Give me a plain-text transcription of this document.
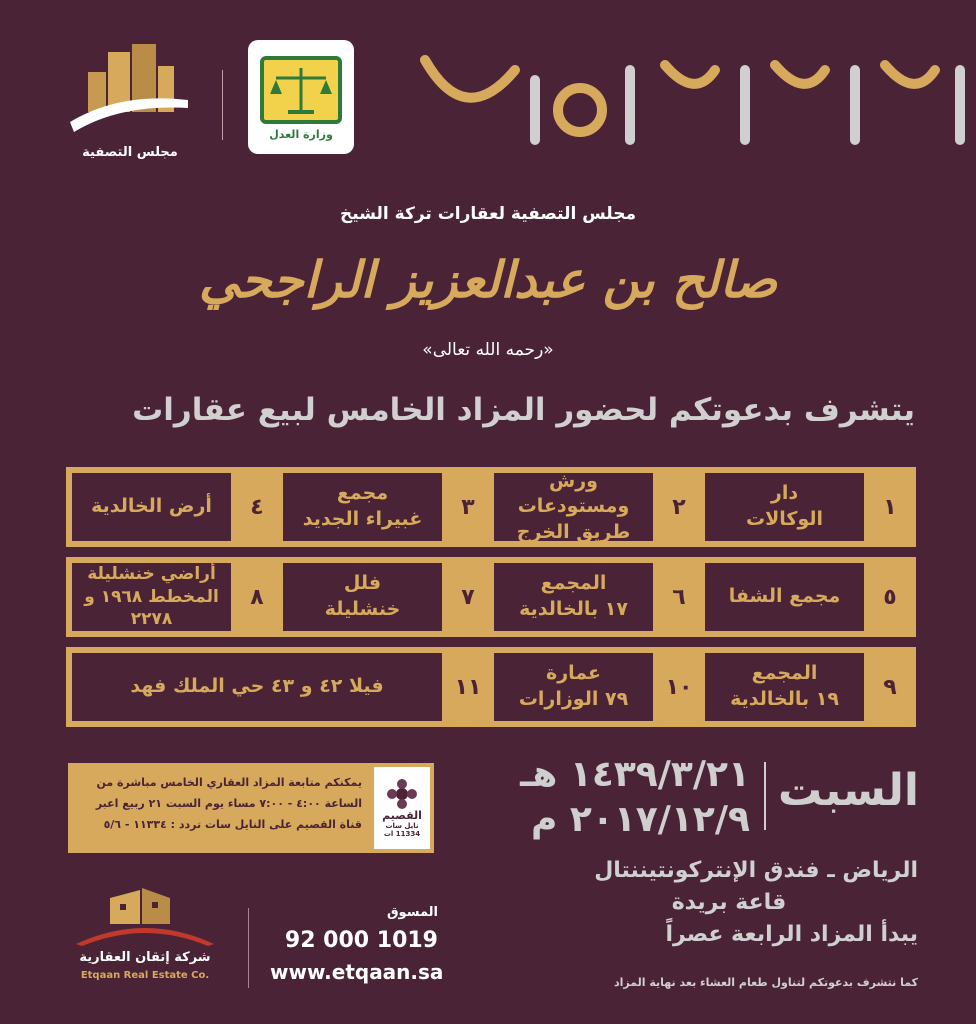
مجلس التصفية
وزارة العدل
مجلس التصفية لعقارات تركة الشيخ
صالح بن عبدالعزيز الراجحي
«رحمه الله تعالى»
يتشرف بدعوتكم لحضور المزاد الخامس لبيع عقارات
١
دار
الوكالات
٢
ورش ومستودعات
طريق الخرج
٣
مجمع
غبيراء الجديد
٤
أرض الخالدية
٥
مجمع الشفا
٦
المجمع
١٧ بالخالدية
٧
فلل
خنشليلة
٨
أراضي خنشليلة
المخطط ١٩٦٨ و ٢٢٧٨
٩
المجمع
١٩ بالخالدية
١٠
عمارة
٧٩ الوزارات
١١
فيلا ٤٢ و ٤٣ حي الملك فهد
القصيم
نايل سات
11334 ات
يمكنكم متابعة المزاد العقاري الخامس مباشرة من
الساعة ٤:٠٠ - ٧:٠٠ مساء يوم السبت ٢١ ربيع اعبر
قناة القصيم على النايل سات تردد : ١١٣٣٤ - ٥/٦
السبت
١٤٣٩/٣/٢١ هـ
٢٠١٧/١٢/٩ م
الرياض ـ فندق الإنتركونتيننتال
قاعة بريدة
يبدأ المزاد الرابعة عصراً
كما نتشرف بدعوتكم لتناول طعام العشاء بعد نهاية المزاد
المسوق
92 000 1019
www.etqaan.sa
شركة إتقان العقارية
Etqaan Real Estate Co.
